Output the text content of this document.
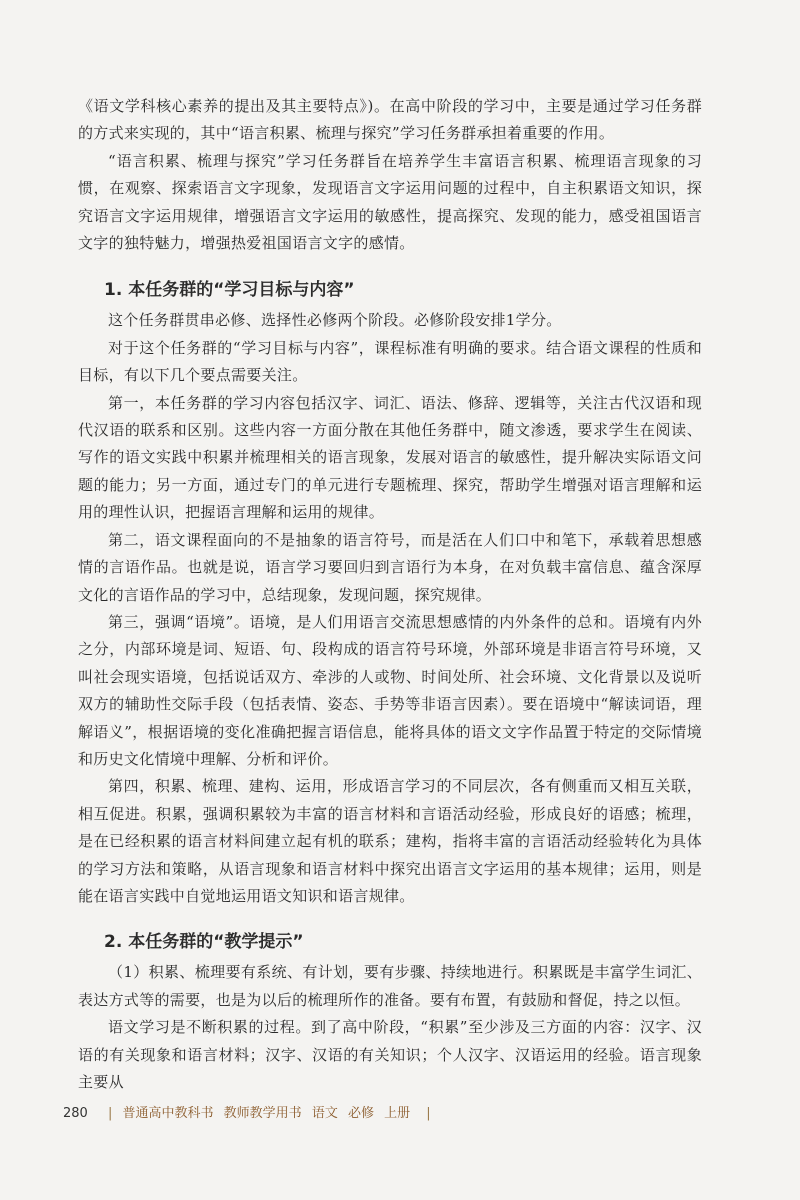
《语文学科核心素养的提出及其主要特点》)。在高中阶段的学习中，主要是通过学习任务群的方式来实现的，其中“语言积累、梳理与探究”学习任务群承担着重要的作用。

“语言积累、梳理与探究”学习任务群旨在培养学生丰富语言积累、梳理语言现象的习惯，在观察、探索语言文字现象，发现语言文字运用问题的过程中，自主积累语文知识，探究语言文字运用规律，增强语言文字运用的敏感性，提高探究、发现的能力，感受祖国语言文字的独特魅力，增强热爱祖国语言文字的感情。

1. 本任务群的“学习目标与内容”

这个任务群贯串必修、选择性必修两个阶段。必修阶段安排1学分。

对于这个任务群的“学习目标与内容”，课程标准有明确的要求。结合语文课程的性质和目标，有以下几个要点需要关注。

第一，本任务群的学习内容包括汉字、词汇、语法、修辞、逻辑等，关注古代汉语和现代汉语的联系和区别。这些内容一方面分散在其他任务群中，随文渗透，要求学生在阅读、写作的语文实践中积累并梳理相关的语言现象，发展对语言的敏感性，提升解决实际语文问题的能力；另一方面，通过专门的单元进行专题梳理、探究，帮助学生增强对语言理解和运用的理性认识，把握语言理解和运用的规律。

第二，语文课程面向的不是抽象的语言符号，而是活在人们口中和笔下，承载着思想感情的言语作品。也就是说，语言学习要回归到言语行为本身，在对负载丰富信息、蕴含深厚文化的言语作品的学习中，总结现象，发现问题，探究规律。

第三，强调“语境”。语境，是人们用语言交流思想感情的内外条件的总和。语境有内外之分，内部环境是词、短语、句、段构成的语言符号环境，外部环境是非语言符号环境，又叫社会现实语境，包括说话双方、牵涉的人或物、时间处所、社会环境、文化背景以及说听双方的辅助性交际手段（包括表情、姿态、手势等非语言因素）。要在语境中“解读词语，理解语义”，根据语境的变化准确把握言语信息，能将具体的语文文字作品置于特定的交际情境和历史文化情境中理解、分析和评价。

第四，积累、梳理、建构、运用，形成语言学习的不同层次，各有侧重而又相互关联，相互促进。积累，强调积累较为丰富的语言材料和言语活动经验，形成良好的语感；梳理，是在已经积累的语言材料间建立起有机的联系；建构，指将丰富的言语活动经验转化为具体的学习方法和策略，从语言现象和语言材料中探究出语言文字运用的基本规律；运用，则是能在语言实践中自觉地运用语文知识和语言规律。

2. 本任务群的“教学提示”

（1）积累、梳理要有系统、有计划，要有步骤、持续地进行。积累既是丰富学生词汇、表达方式等的需要，也是为以后的梳理所作的准备。要有布置，有鼓励和督促，持之以恒。

语文学习是不断积累的过程。到了高中阶段，“积累”至少涉及三方面的内容：汉字、汉语的有关现象和语言材料；汉字、汉语的有关知识；个人汉字、汉语运用的经验。语言现象主要从

280 | 普通高中教科书 教师教学用书 语文 必修 上册 |
